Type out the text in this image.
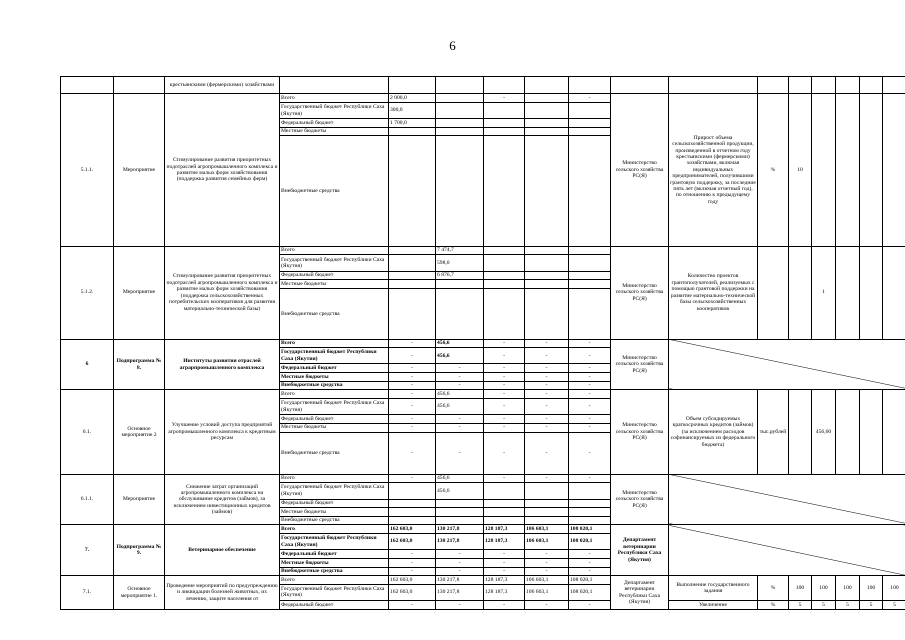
6
		крестьянскими (фермерскими) хозяйствами														
5.1.1.	Мероприятие	Стимулирование развития приоритетных подотраслей агропромышленного комплекса и развитие малых форм хозяйствования (поддержка развития семейных ферм)	Всего	2 000,0		-		-	Министерство сельского хозяйства РС(Я)	Прирост объема сельскохозяйственной продукции, произведенной в отчетном году крестьянскими (фермерскими) хозяйствами, включая индивидуальных предпринимателей, получившими грантовую поддержку, за последние пять лет (включая отчетный год), по отношению к предыдущему году	%	10				
			Государственный бюджет Республики Саха (Якутия)	300,0												
			Федеральный бюджет	1 700,0												
			Местные бюджеты													
			Внебюджетные средства													
5.1.2.	Мероприятие	Стимулирование развития приоритетных подотраслей агропромышленного комплекса и развитие малых форм хозяйствования (поддержка сельскохозяйственных потребительских кооперативов для развития материально-технической базы)	Всего		7 474,7				Министерство сельского хозяйства РС(Я)	Количество проектов грантополучателей, реализуемых с помощью грантовой поддержки на развитие материально-технической базы сельскохозяйственных кооперативов			1			
			Государственный бюджет Республики Саха (Якутия)		598,0											
			Федеральный бюджет		6 876,7											
			Местные бюджеты													
			Внебюджетные средства													
6	Подпрограмма № 8.	Институты развития отраслей аграрпромышленного комплекса	Всего	-	456,6	-	-	-	Министерство сельского хозяйства РС(Я)							
			Государственный бюджет Республики Саха (Якутия)	-	456,6	-	-	-								
			Федеральный бюджет	-	-	-	-	-								
			Местные бюджеты	-	-	-	-	-								
			Внебюджетные средства	-	-	-	-	-								
6.1.	Основное мероприятие 2	Улучшение условий доступа предприятий агропромышленного комплекса к кредитным ресурсам	Всего	-	456,6	-	-	-	Министерство сельского хозяйства РС(Я)	Объем субсидируемых краткосрочных кредитов (займов) (за исключением расходов софинансируемых из федерального бюджета)	тыс.рублей		456,60			
			Государственный бюджет Республики Саха (Якутия)	-	456,6	-	-	-								
			Федеральный бюджет	-	-	-	-	-								
			Местные бюджеты	-	-	-	-	-								
			Внебюджетные средства	-	-	-	-	-								
6.1.1.	Мероприятие	Снижение затрат организаций агропромышленного комплекса на обслуживание кредитов (займов), за исключением инвестиционных кредитов (займов)	Всего	-	456,6	-	-	-	Министерство сельского хозяйства РС(Я)							
			Государственный бюджет Республики Саха (Якутия)		456,6											
			Федеральный бюджет													
			Местные бюджеты													
			Внебюджетные средства													
7.	Подпрограмма № 9.	Ветеринарное обеспечение	Всего	162 603,0	130 217,8	128 187,3	106 603,1	108 020,1	Департамент ветеринарии Республики Саха (Якутия)							
			Государственный бюджет Республики Саха (Якутия)	162 603,0	130 217,8	128 187,3	106 603,1	108 020,1								
			Федеральный бюджет	-	-	-	-	-								
			Местные бюджеты	-	-	-	-	-								
			Внебюджетные средства	-	-	-	-	-								
7.1.	Основное мероприятие 1.	Проведение мероприятий по предупреждению и ликвидации болезней животных, их лечению, защите населения от	Всего	162 603,0	130 217,8	128 187,3	106 603,1	108 020,1	Департамент ветеринарии Республики Саха (Якутия)	Выполнение государственного задания	%	100	100	100	100	100
			Государственный бюджет Республики Саха (Якутия)	162 603,0	130 217,8	128 187,3	106 603,1	108 020,1								
			Федеральный бюджет	-	-	-	-	-		Увеличение	%	5	5	5	5	5
